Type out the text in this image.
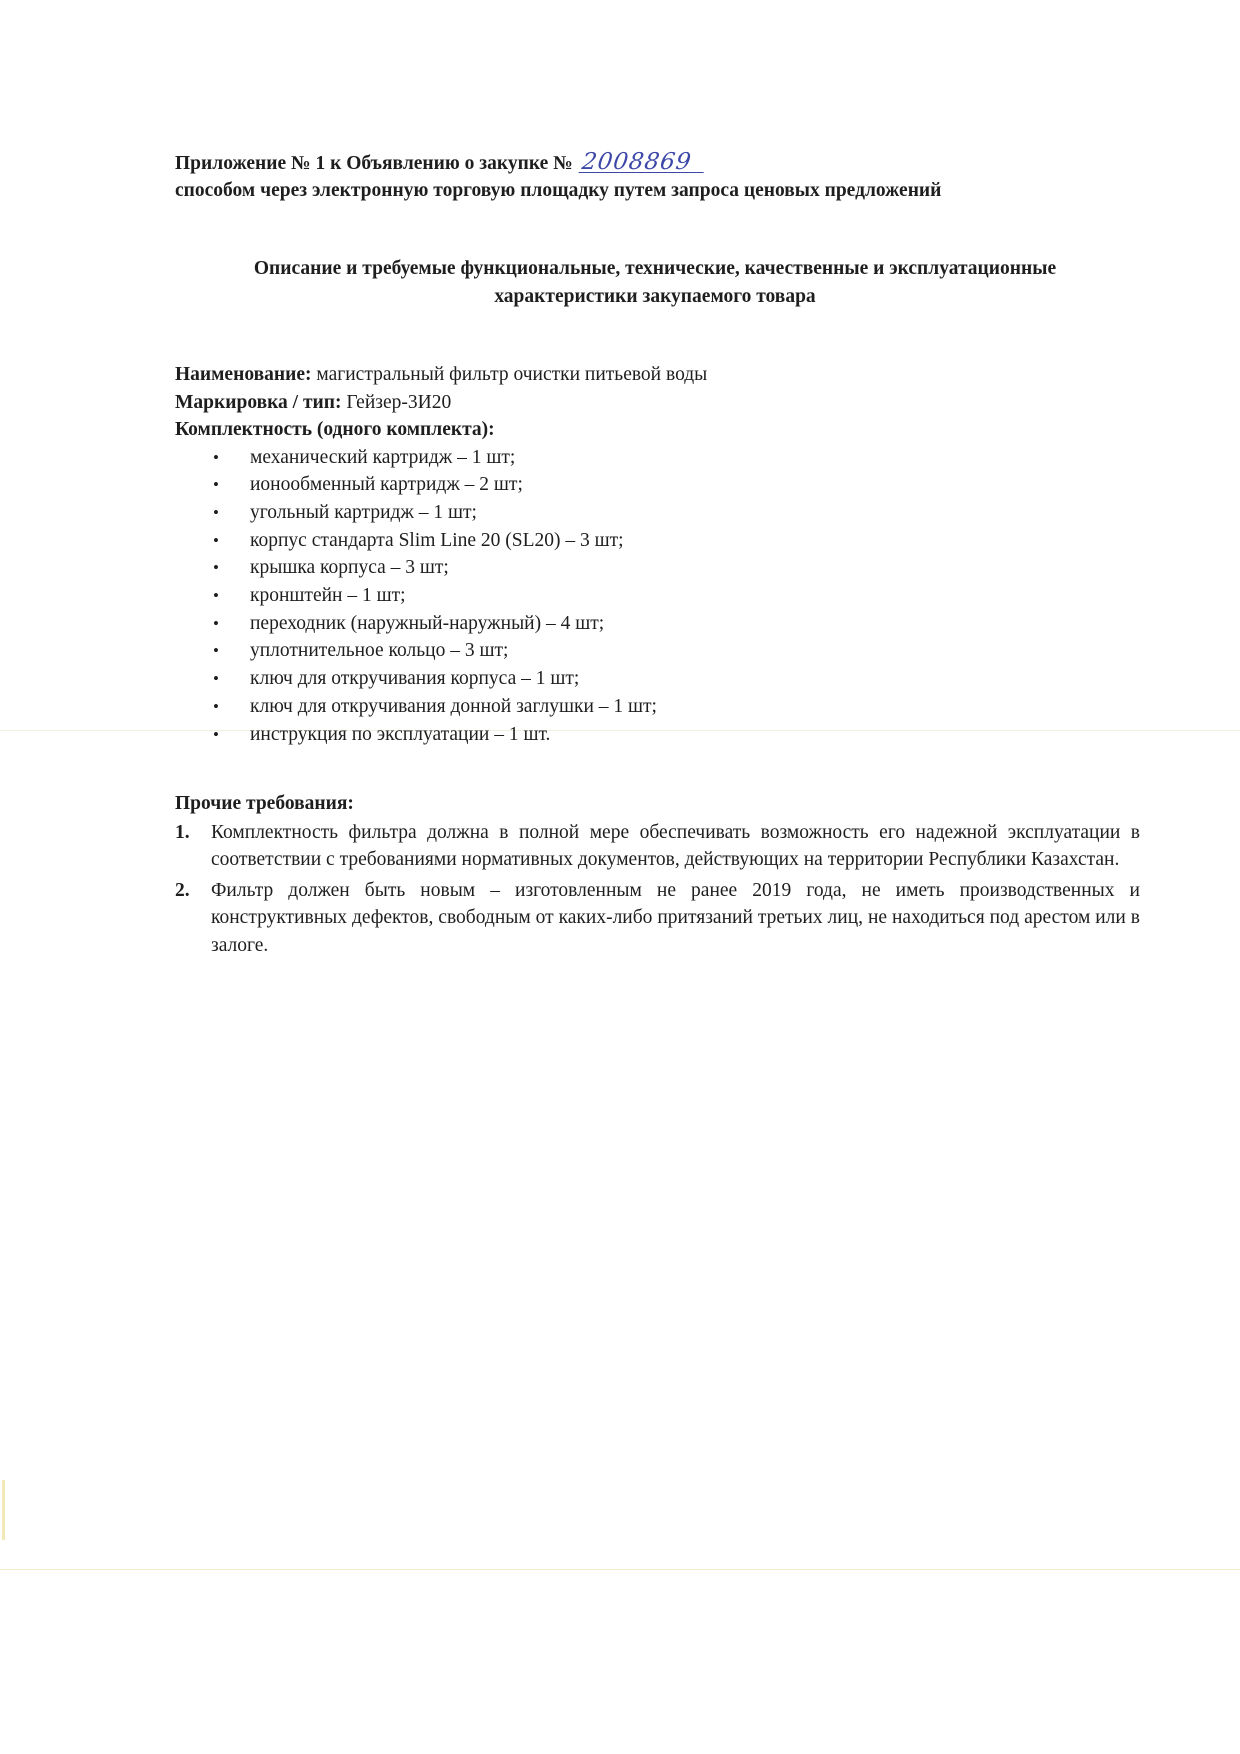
Приложение № 1 к Объявлению о закупке № 2008869
способом через электронную торговую площадку путем запроса ценовых предложений
Описание и требуемые функциональные, технические, качественные и эксплуатационные
характеристики закупаемого товара
Наименование: магистральный фильтр очистки питьевой воды
Маркировка / тип: Гейзер-3И20
Комплектность (одного комплекта):
• механический картридж – 1 шт;
• ионообменный картридж – 2 шт;
• угольный картридж – 1 шт;
• корпус стандарта Slim Line 20 (SL20) – 3 шт;
• крышка корпуса – 3 шт;
• кронштейн – 1 шт;
• переходник (наружный-наружный) – 4 шт;
• уплотнительное кольцо – 3 шт;
• ключ для откручивания корпуса – 1 шт;
• ключ для откручивания донной заглушки – 1 шт;
• инструкция по эксплуатации – 1 шт.
Прочие требования:
1. Комплектность фильтра должна в полной мере обеспечивать возможность его надежной эксплуатации в соответствии с требованиями нормативных документов, действующих на территории Республики Казахстан.
2. Фильтр должен быть новым – изготовленным не ранее 2019 года, не иметь производственных и конструктивных дефектов, свободным от каких-либо притязаний третьих лиц, не находиться под арестом или в залоге.
